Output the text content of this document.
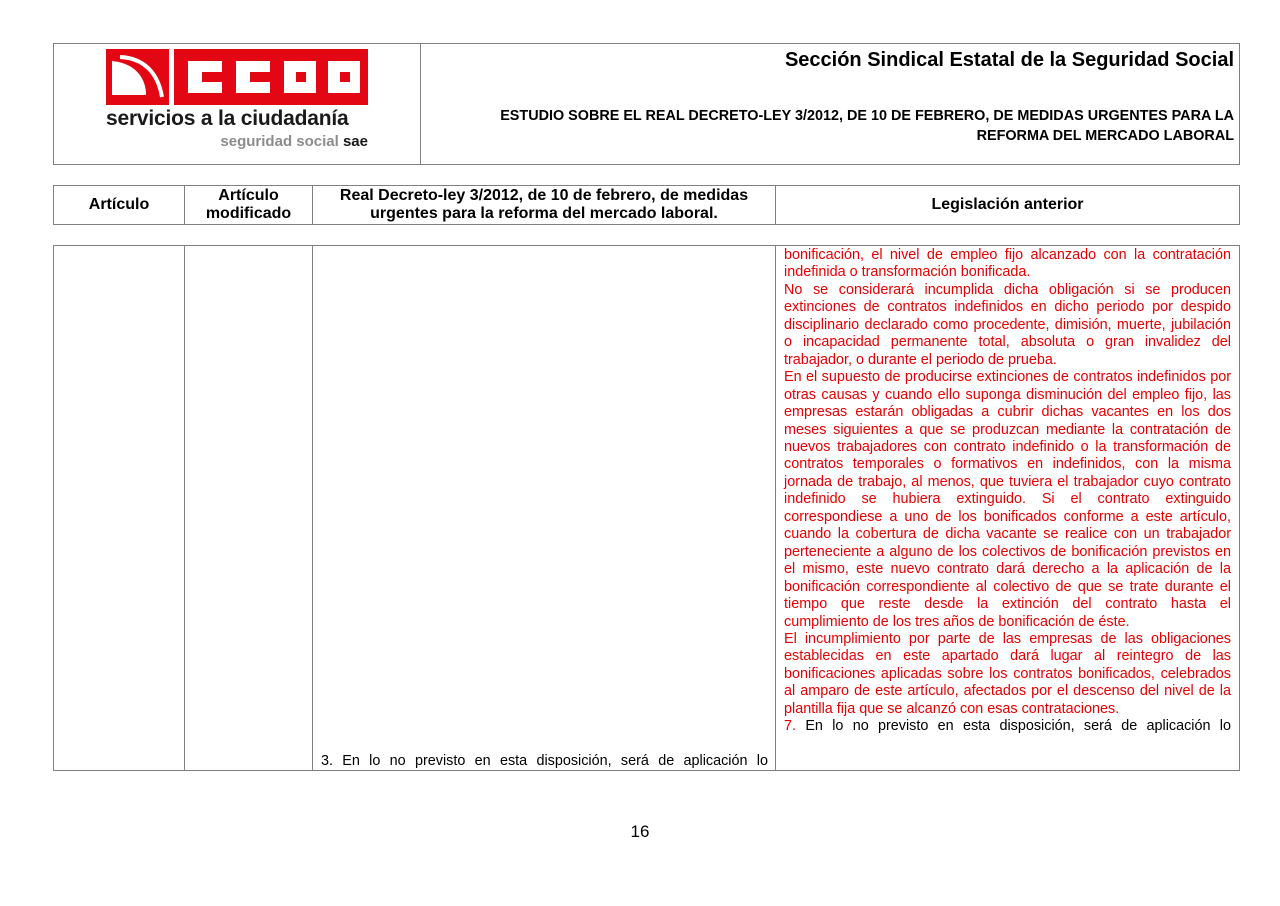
servicios a la ciudadanía
seguridad social sae
Sección Sindical Estatal de la Seguridad Social
ESTUDIO SOBRE EL REAL DECRETO-LEY 3/2012, DE 10 DE FEBRERO, DE MEDIDAS URGENTES PARA LA REFORMA DEL MERCADO LABORAL
Artículo
Artículo modificado
Real Decreto-ley 3/2012, de 10 de febrero, de medidas urgentes para la reforma del mercado laboral.
Legislación anterior
3. En lo no previsto en esta disposición, será de aplicación lo

bonificación, el nivel de empleo fijo alcanzado con la contratación indefinida o transformación bonificada.

No se considerará incumplida dicha obligación si se producen extinciones de contratos indefinidos en dicho periodo por despido disciplinario declarado como procedente, dimisión, muerte, jubilación o incapacidad permanente total, absoluta o gran invalidez del trabajador, o durante el periodo de prueba.

En el supuesto de producirse extinciones de contratos indefinidos por otras causas y cuando ello suponga disminución del empleo fijo, las empresas estarán obligadas a cubrir dichas vacantes en los dos meses siguientes a que se produzcan mediante la contratación de nuevos trabajadores con contrato indefinido o la transformación de contratos temporales o formativos en indefinidos, con la misma jornada de trabajo, al menos, que tuviera el trabajador cuyo contrato indefinido se hubiera extinguido. Si el contrato extinguido correspondiese a uno de los bonificados conforme a este artículo, cuando la cobertura de dicha vacante se realice con un trabajador perteneciente a alguno de los colectivos de bonificación previstos en el mismo, este nuevo contrato dará derecho a la aplicación de la bonificación correspondiente al colectivo de que se trate durante el tiempo que reste desde la extinción del contrato hasta el cumplimiento de los tres años de bonificación de éste.

El incumplimiento por parte de las empresas de las obligaciones establecidas en este apartado dará lugar al reintegro de las bonificaciones aplicadas sobre los contratos bonificados, celebrados al amparo de este artículo, afectados por el descenso del nivel de la plantilla fija que se alcanzó con esas contrataciones.

7. En lo no previsto en esta disposición, será de aplicación lo

16
